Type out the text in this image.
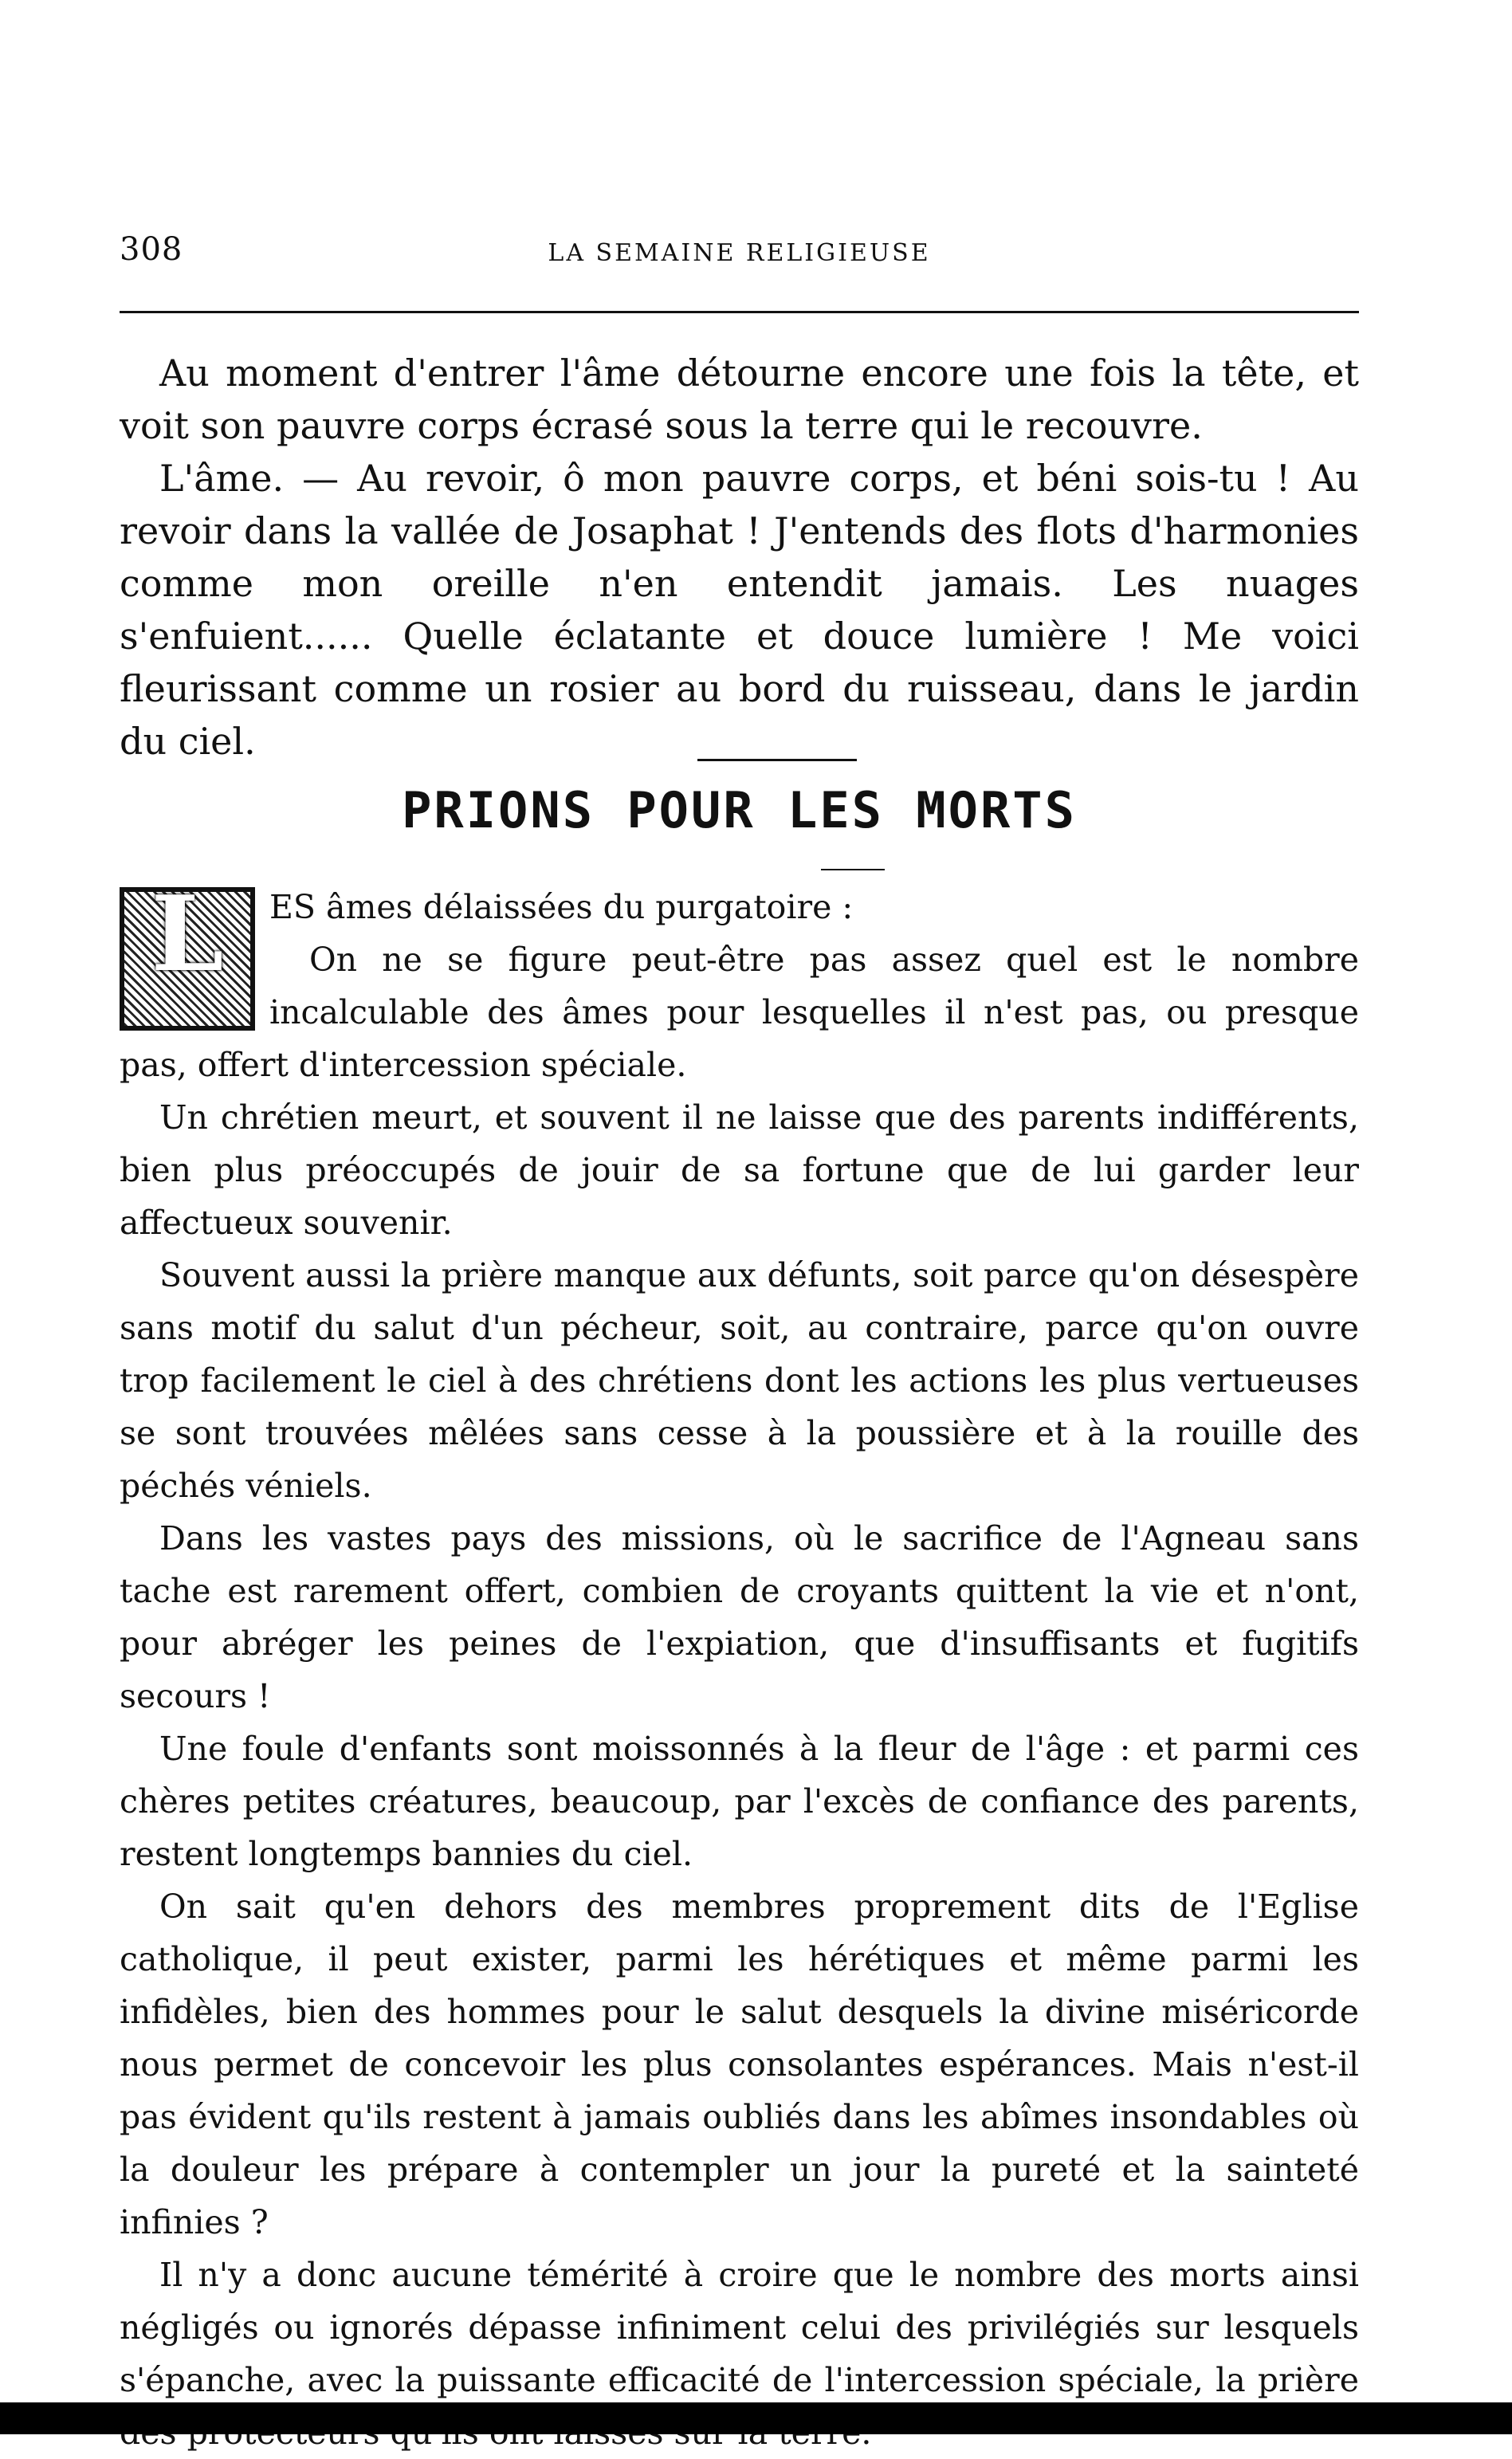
308	LA SEMAINE RELIGIEUSE

Au moment d'entrer l'âme détourne encore une fois la tête, et voit son pauvre corps écrasé sous la terre qui le recouvre.

L'âme. — Au revoir, ô mon pauvre corps, et béni sois-tu ! Au revoir dans la vallée de Josaphat ! J'entends des flots d'harmonies comme mon oreille n'en entendit jamais. Les nuages s'enfuient...... Quelle éclatante et douce lumière ! Me voici fleurissant comme un rosier au bord du ruisseau, dans le jardin du ciel.

PRIONS POUR LES MORTS
L	ES âmes délaissées du purgatoire :

On ne se figure peut-être pas assez quel est le nombre incalculable des âmes pour lesquelles il n'est pas, ou presque pas, offert d'intercession spéciale.

Un chrétien meurt, et souvent il ne laisse que des parents indifférents, bien plus préoccupés de jouir de sa fortune que de lui garder leur affectueux souvenir.

Souvent aussi la prière manque aux défunts, soit parce qu'on désespère sans motif du salut d'un pécheur, soit, au contraire, parce qu'on ouvre trop facilement le ciel à des chrétiens dont les actions les plus vertueuses se sont trouvées mêlées sans cesse à la poussière et à la rouille des péchés véniels.

Dans les vastes pays des missions, où le sacrifice de l'Agneau sans tache est rarement offert, combien de croyants quittent la vie et n'ont, pour abréger les peines de l'expiation, que d'insuffisants et fugitifs secours !

Une foule d'enfants sont moissonnés à la fleur de l'âge : et parmi ces chères petites créatures, beaucoup, par l'excès de confiance des parents, restent longtemps bannies du ciel.

On sait qu'en dehors des membres proprement dits de l'Eglise catholique, il peut exister, parmi les hérétiques et même parmi les infidèles, bien des hommes pour le salut desquels la divine miséricorde nous permet de concevoir les plus consolantes espérances. Mais n'est-il pas évident qu'ils restent à jamais oubliés dans les abîmes insondables où la douleur les prépare à contempler un jour la pureté et la sainteté infinies ?

Il n'y a donc aucune témérité à croire que le nombre des morts ainsi négligés ou ignorés dépasse infiniment celui des privilégiés sur lesquels s'épanche, avec la puissante efficacité de l'intercession spéciale, la prière
